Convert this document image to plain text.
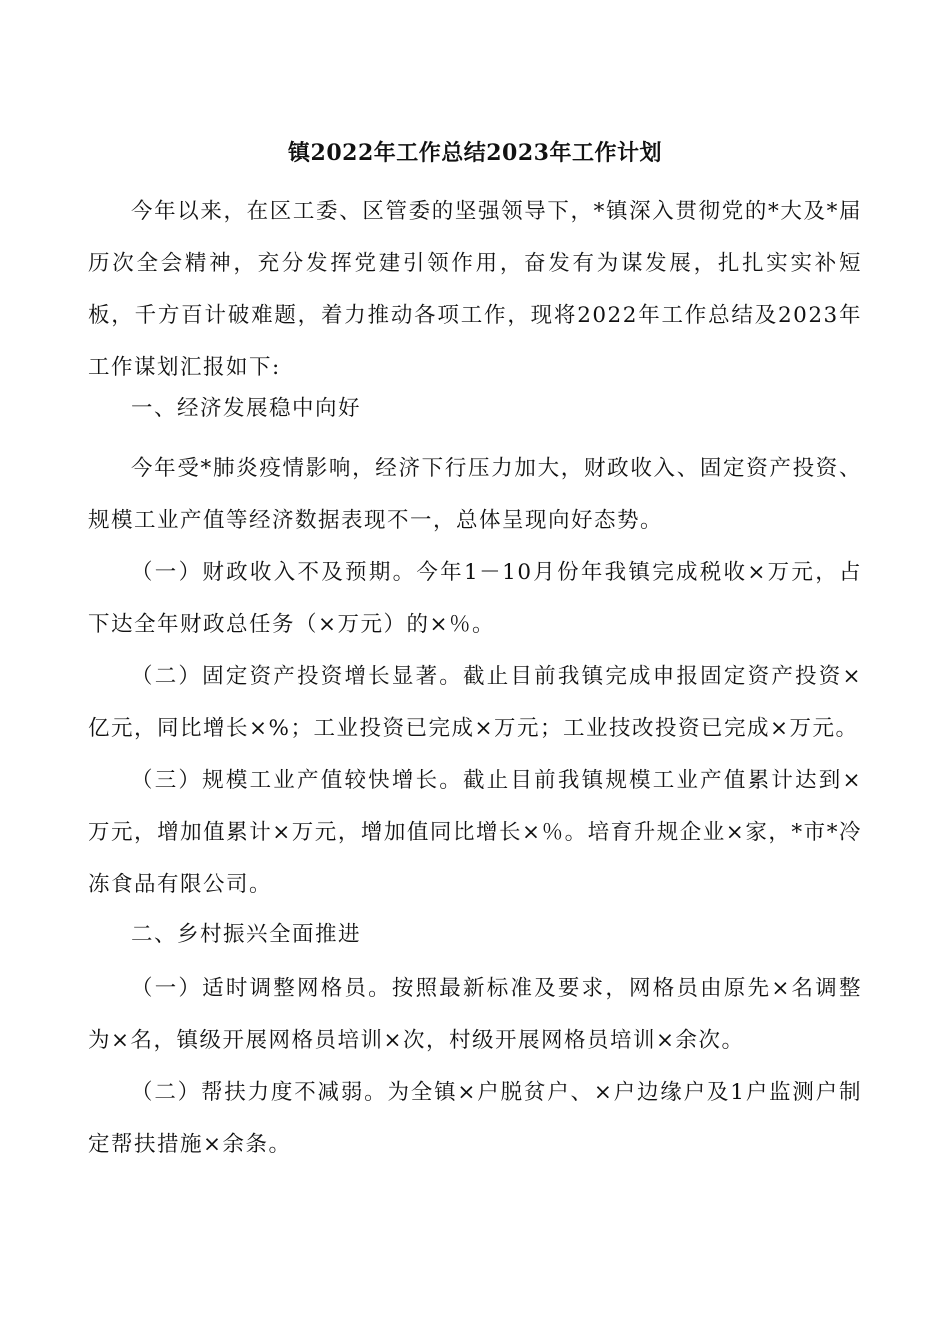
镇2022年工作总结2023年工作计划

今年以来，在区工委、区管委的坚强领导下，*镇深入贯彻党的*大及*届历次全会精神，充分发挥党建引领作用，奋发有为谋发展，扎扎实实补短板，千方百计破难题，着力推动各项工作，现将2022年工作总结及2023年工作谋划汇报如下:

一、经济发展稳中向好

今年受*肺炎疫情影响，经济下行压力加大，财政收入、固定资产投资、规模工业产值等经济数据表现不一，总体呈现向好态势。

（一）财政收入不及预期。今年1－10月份年我镇完成税收×万元，占下达全年财政总任务（×万元）的×％。

（二）固定资产投资增长显著。截止目前我镇完成申报固定资产投资×亿元，同比增长×%；工业投资已完成×万元；工业技改投资已完成×万元。

（三）规模工业产值较快增长。截止目前我镇规模工业产值累计达到×万元，增加值累计×万元，增加值同比增长×％。培育升规企业×家，*市*冷冻食品有限公司。

二、乡村振兴全面推进

（一）适时调整网格员。按照最新标准及要求，网格员由原先×名调整为×名，镇级开展网格员培训×次，村级开展网格员培训×余次。

（二）帮扶力度不减弱。为全镇×户脱贫户、×户边缘户及1户监测户制定帮扶措施×余条。
